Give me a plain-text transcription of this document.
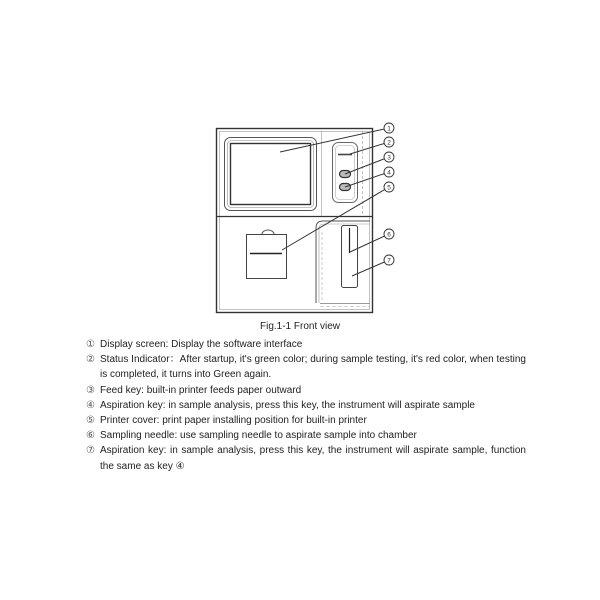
1
2
3
4
5
6
7
Fig.1-1 Front view
① Display screen: Display the software interface
② Status Indicator：After startup, it's green color; during sample testing, it's red color, when testing is completed, it turns into Green again.
③ Feed key: built-in printer feeds paper outward
④ Aspiration key: in sample analysis, press this key, the instrument will aspirate sample
⑤ Printer cover: print paper installing position for built-in printer
⑥ Sampling needle: use sampling needle to aspirate sample into chamber
⑦ Aspiration key: in sample analysis, press this key, the instrument will aspirate sample, function the same as key ④
